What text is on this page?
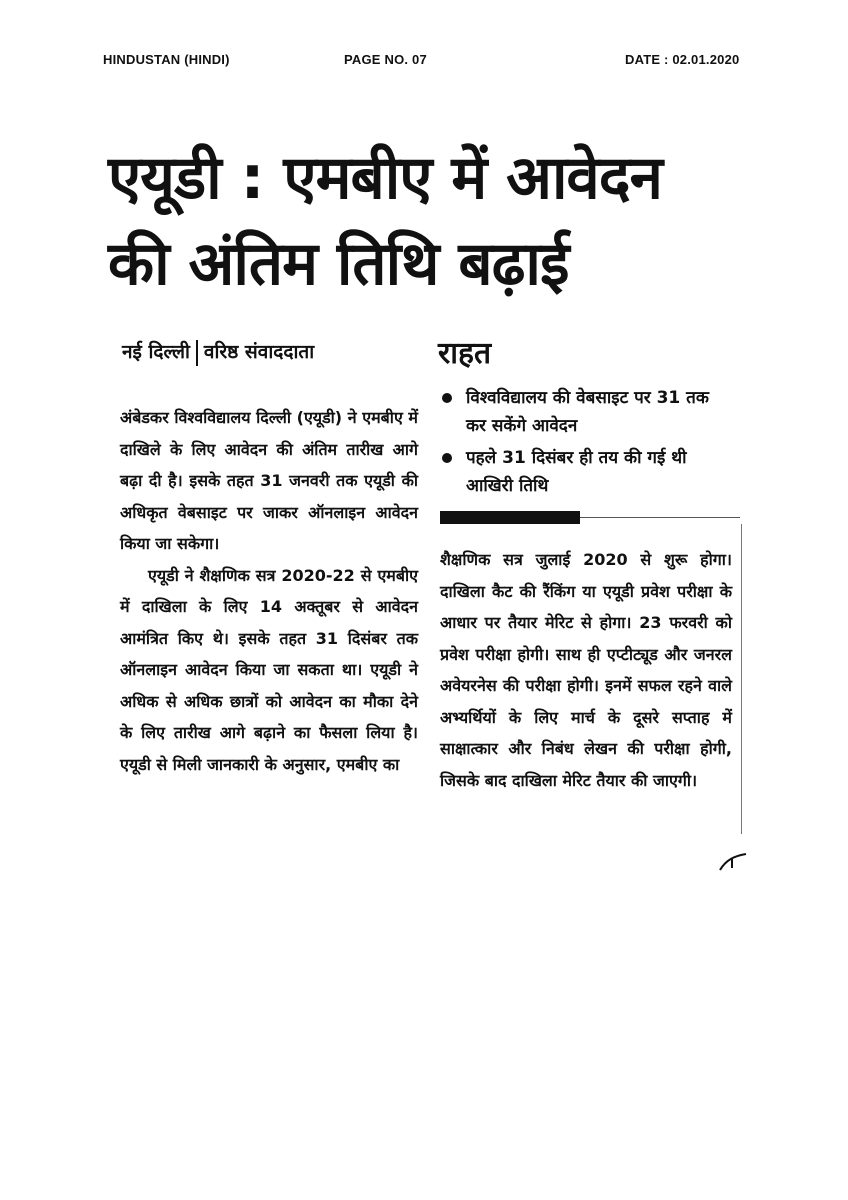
HINDUSTAN (HINDI)	PAGE NO. 07	DATE : 02.01.2020
एयूडी : एमबीए में आवेदन
की अंतिम तिथि बढ़ाई
नई दिल्ली वरिष्ठ संवाददाता

अंबेडकर विश्वविद्यालय दिल्ली (एयूडी) ने एमबीए में दाखिले के लिए आवेदन की अंतिम तारीख आगे बढ़ा दी है। इसके तहत 31 जनवरी तक एयूडी की अधिकृत वेबसाइट पर जाकर ऑनलाइन आवेदन किया जा सकेगा।

एयूडी ने शैक्षणिक सत्र 2020-22 से एमबीए में दाखिला के लिए 14 अक्तूबर से आवेदन आमंत्रित किए थे। इसके तहत 31 दिसंबर तक ऑनलाइन आवेदन किया जा सकता था। एयूडी ने अधिक से अधिक छात्रों को आवेदन का मौका देने के लिए तारीख आगे बढ़ाने का फैसला लिया है। एयूडी से मिली जानकारी के अनुसार, एमबीए का

राहत
विश्वविद्यालय की वेबसाइट पर 31 तक कर सकेंगे आवेदन
पहले 31 दिसंबर ही तय की गई थी आखिरी तिथि

शैक्षणिक सत्र जुलाई 2020 से शुरू होगा। दाखिला कैट की रैंकिंग या एयूडी प्रवेश परीक्षा के आधार पर तैयार मेरिट से होगा। 23 फरवरी को प्रवेश परीक्षा होगी। साथ ही एप्टीट्यूड और जनरल अवेयरनेस की परीक्षा होगी। इनमें सफल रहने वाले अभ्यर्थियों के लिए मार्च के दूसरे सप्ताह में साक्षात्कार और निबंध लेखन की परीक्षा होगी, जिसके बाद दाखिला मेरिट तैयार की जाएगी।
